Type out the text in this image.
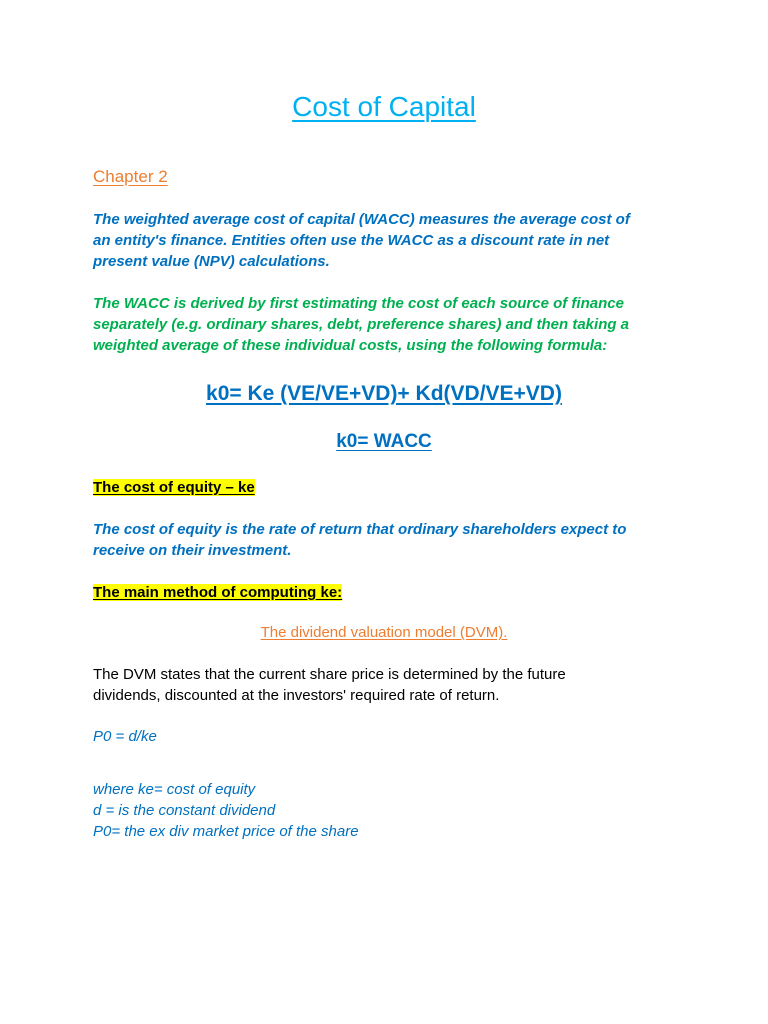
Cost of Capital
Chapter 2
The weighted average cost of capital (WACC) measures the average cost of
an entity's finance. Entities often use the WACC as a discount rate in net
present value (NPV) calculations.
The WACC is derived by first estimating the cost of each source of finance
separately (e.g. ordinary shares, debt, preference shares) and then taking a
weighted average of these individual costs, using the following formula:
k0= Ke (VE/VE+VD)+ Kd(VD/VE+VD)
k0= WACC
The cost of equity – ke
The cost of equity is the rate of return that ordinary shareholders expect to
receive on their investment.
The main method of computing ke:
The dividend valuation model (DVM).
The DVM states that the current share price is determined by the future
dividends, discounted at the investors' required rate of return.
P0 = d/ke
where ke= cost of equity
d = is the constant dividend
P0= the ex div market price of the share
